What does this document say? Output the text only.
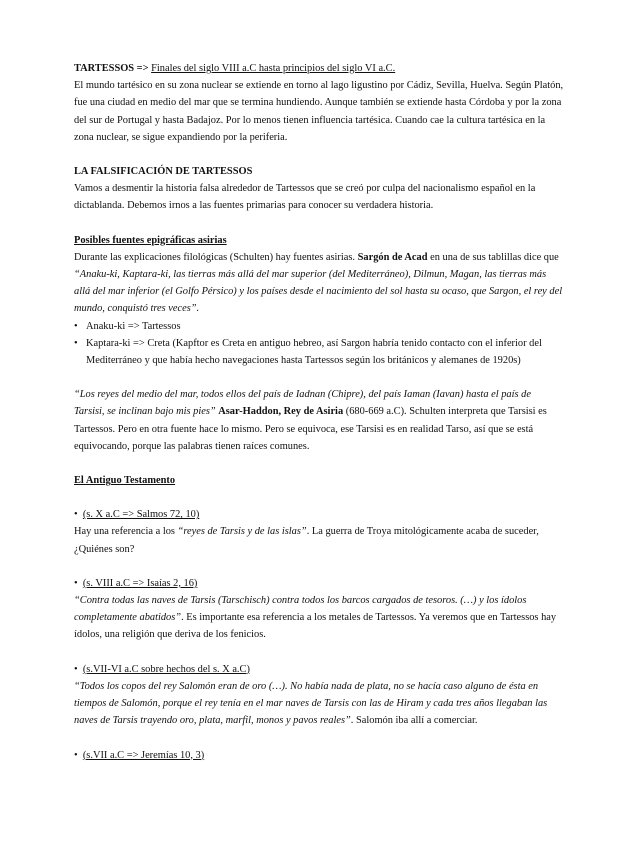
TARTESSOS => Finales del siglo VIII a.C hasta principios del siglo VI a.C.

El mundo tartésico en su zona nuclear se extiende en torno al lago ligustino por Cádiz, Sevilla, Huelva. Según Platón, fue una ciudad en medio del mar que se termina hundiendo. Aunque también se extiende hasta Córdoba y por la zona del sur de Portugal y hasta Badajoz. Por lo menos tienen influencia tartésica. Cuando cae la cultura tartésica en la zona nuclear, se sigue expandiendo por la periferia.

LA FALSIFICACIÓN DE TARTESSOS

Vamos a desmentir la historia falsa alrededor de Tartessos que se creó por culpa del nacionalismo español en la dictablanda. Debemos irnos a las fuentes primarias para conocer su verdadera historia.

Posibles fuentes epigráficas asirias

Durante las explicaciones filológicas (Schulten) hay fuentes asirias. Sargón de Acad en una de sus tablillas dice que “Anaku-ki, Kaptara-ki, las tierras más allá del mar superior (del Mediterráneo), Dilmun, Magan, las tierras más allá del mar inferior (el Golfo Pérsico) y los países desde el nacimiento del sol hasta su ocaso, que Sargon, el rey del mundo, conquistó tres veces”.

• Anaku-ki => Tartessos
• Kaptara-ki => Creta (Kapftor es Creta en antiguo hebreo, así Sargon habría tenido contacto con el inferior del Mediterráneo y que había hecho navegaciones hasta Tartessos según los británicos y alemanes de 1920s)

“Los reyes del medio del mar, todos ellos del país de Iadnan (Chipre), del país Iaman (Iavan) hasta el país de Tarsisi, se inclinan bajo mis pies” Asar-Haddon, Rey de Asiria (680-669 a.C). Schulten interpreta que Tarsisi es Tartessos. Pero en otra fuente hace lo mismo. Pero se equivoca, ese Tarsisi es en realidad Tarso, así que se está equivocando, porque las palabras tienen raíces comunes.

El Antiguo Testamento

• (s. X a.C => Salmos 72, 10)

Hay una referencia a los “reyes de Tarsis y de las islas”. La guerra de Troya mitológicamente acaba de suceder, ¿Quiénes son?

• (s. VIII a.C => Isaías 2, 16)

“Contra todas las naves de Tarsis (Tarschisch) contra todos los barcos cargados de tesoros. (…) y los ídolos completamente abatidos”. Es importante esa referencia a los metales de Tartessos. Ya veremos que en Tartessos hay ídolos, una religión que deriva de los fenicios.

• (s.VII-VI a.C sobre hechos del s. X a.C)

“Todos los copos del rey Salomón eran de oro (…). No había nada de plata, no se hacía caso alguno de ésta en tiempos de Salomón, porque el rey tenía en el mar naves de Tarsis con las de Hiram y cada tres años llegaban las naves de Tarsis trayendo oro, plata, marfil, monos y pavos reales”. Salomón iba allí a comerciar.

• (s.VII a.C => Jeremías 10, 3)
